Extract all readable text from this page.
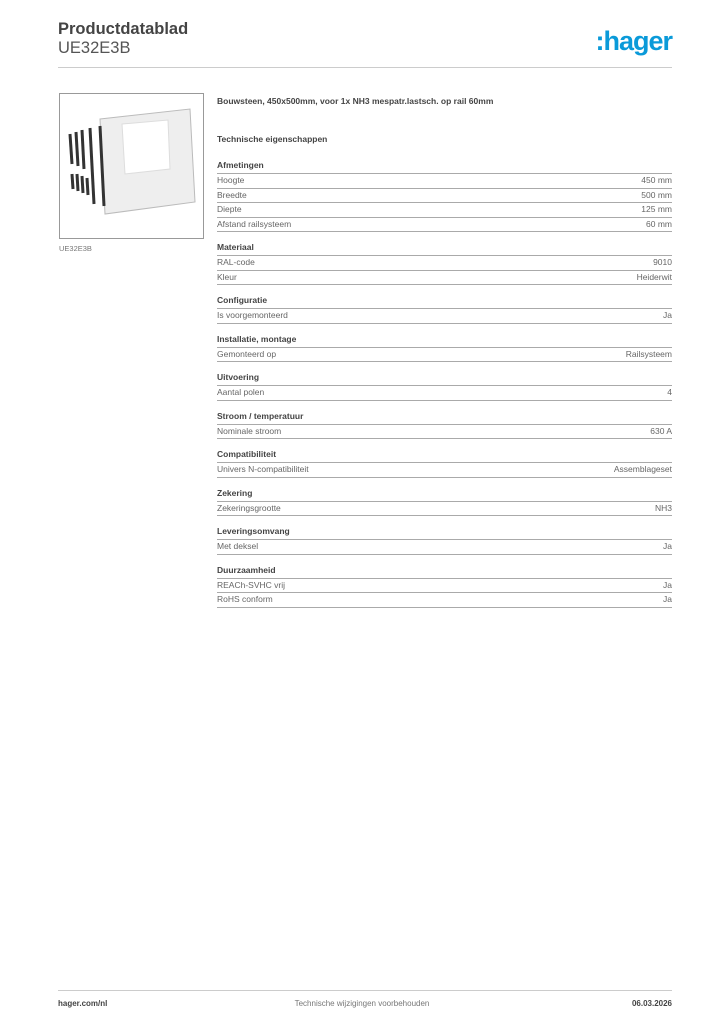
Productdatablad
UE32E3B	:hager
UE32E3B
Bouwsteen, 450x500mm, voor 1x NH3 mespatr.lastsch. op rail 60mm
Technische eigenschappen
Afmetingen
Hoogte	450 mm
Breedte	500 mm
Diepte	125 mm
Afstand railsysteem	60 mm
Materiaal
RAL-code	9010
Kleur	Heiderwit
Configuratie
Is voorgemonteerd	Ja
Installatie, montage
Gemonteerd op	Railsysteem
Uitvoering
Aantal polen	4
Stroom / temperatuur
Nominale stroom	630 A
Compatibiliteit
Univers N-compatibiliteit	Assemblageset
Zekering
Zekeringsgrootte	NH3
Leveringsomvang
Met deksel	Ja
Duurzaamheid
REACh-SVHC vrij	Ja
RoHS conform	Ja
hager.com/nl	Technische wijzigingen voorbehouden	06.03.2026
